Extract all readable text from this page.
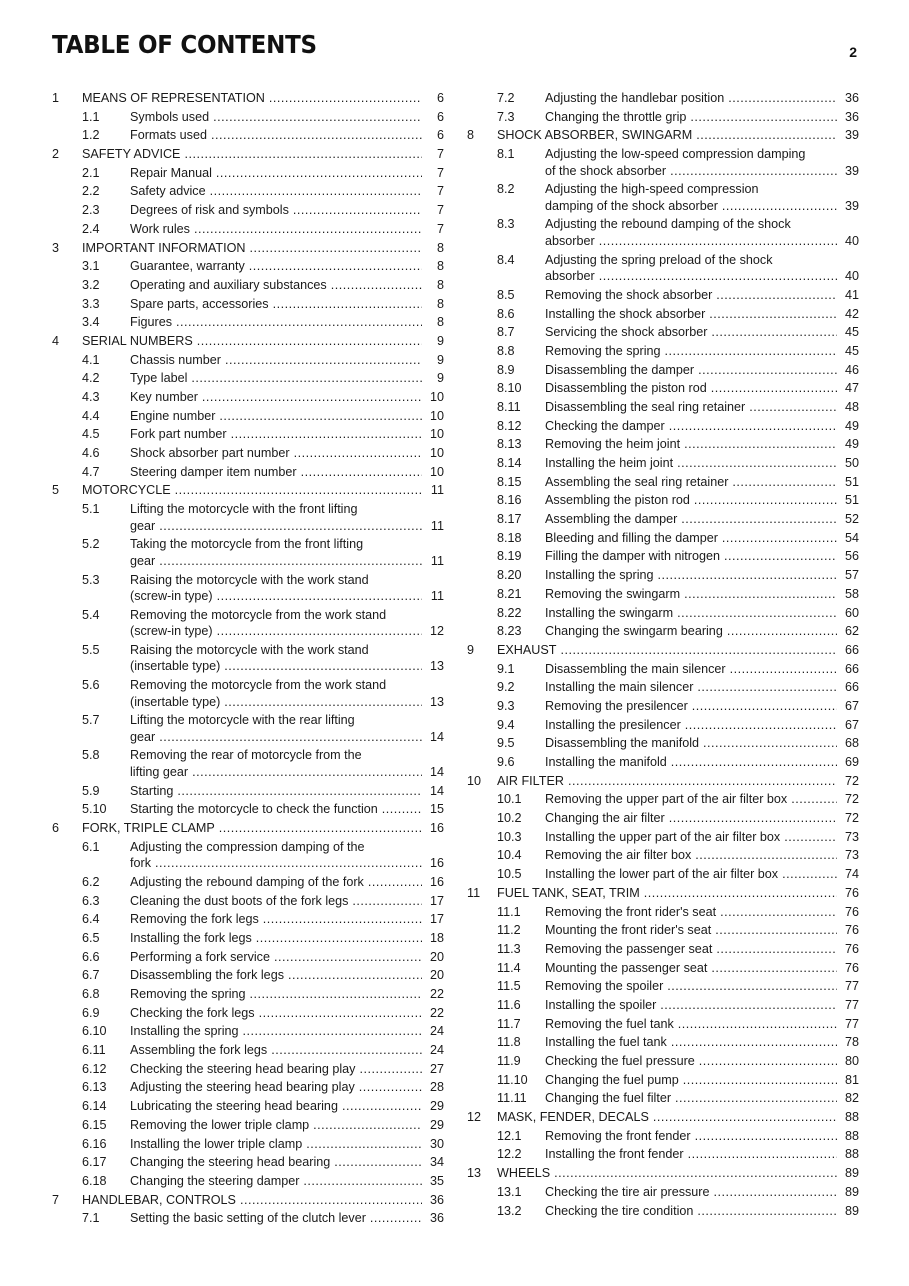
TABLE OF CONTENTS	2
1 MEANS OF REPRESENTATION .....	6
1.1 Symbols used .....	6
1.2 Formats used .....	6
2 SAFETY ADVICE .....	7
2.1 Repair Manual .....	7
2.2 Safety advice .....	7
2.3 Degrees of risk and symbols .....	7
2.4 Work rules .....	7
3 IMPORTANT INFORMATION .....	8
3.1 Guarantee, warranty .....	8
3.2 Operating and auxiliary substances .....	8
3.3 Spare parts, accessories .....	8
3.4 Figures .....	8
4 SERIAL NUMBERS .....	9
4.1 Chassis number .....	9
4.2 Type label .....	9
4.3 Key number .....	10
4.4 Engine number .....	10
4.5 Fork part number .....	10
4.6 Shock absorber part number .....	10
4.7 Steering damper item number .....	10
5 MOTORCYCLE .....	11
5.1 Lifting the motorcycle with the front lifting
gear .....	11
5.2 Taking the motorcycle from the front lifting
gear .....	11
5.3 Raising the motorcycle with the work stand
(screw-in type) .....	11
5.4 Removing the motorcycle from the work stand
(screw-in type) .....	12
5.5 Raising the motorcycle with the work stand
(insertable type) .....	13
5.6 Removing the motorcycle from the work stand
(insertable type) .....	13
5.7 Lifting the motorcycle with the rear lifting
gear .....	14
5.8 Removing the rear of motorcycle from the
lifting gear .....	14
5.9 Starting .....	14
5.10 Starting the motorcycle to check the function .....	15
6 FORK, TRIPLE CLAMP .....	16
6.1 Adjusting the compression damping of the
fork .....	16
6.2 Adjusting the rebound damping of the fork .....	16
6.3 Cleaning the dust boots of the fork legs .....	17
6.4 Removing the fork legs .....	17
6.5 Installing the fork legs .....	18
6.6 Performing a fork service .....	20
6.7 Disassembling the fork legs .....	20
6.8 Removing the spring .....	22
6.9 Checking the fork legs .....	22
6.10 Installing the spring .....	24
6.11 Assembling the fork legs .....	24
6.12 Checking the steering head bearing play .....	27
6.13 Adjusting the steering head bearing play .....	28
6.14 Lubricating the steering head bearing .....	29
6.15 Removing the lower triple clamp .....	29
6.16 Installing the lower triple clamp .....	30
6.17 Changing the steering head bearing .....	34
6.18 Changing the steering damper .....	35
7 HANDLEBAR, CONTROLS .....	36
7.1 Setting the basic setting of the clutch lever .....	36
7.2 Adjusting the handlebar position .....	36
7.3 Changing the throttle grip .....	36
8 SHOCK ABSORBER, SWINGARM .....	39
8.1 Adjusting the low-speed compression damping
of the shock absorber .....	39
8.2 Adjusting the high-speed compression
damping of the shock absorber .....	39
8.3 Adjusting the rebound damping of the shock
absorber .....	40
8.4 Adjusting the spring preload of the shock
absorber .....	40
8.5 Removing the shock absorber .....	41
8.6 Installing the shock absorber .....	42
8.7 Servicing the shock absorber .....	45
8.8 Removing the spring .....	45
8.9 Disassembling the damper .....	46
8.10 Disassembling the piston rod .....	47
8.11 Disassembling the seal ring retainer .....	48
8.12 Checking the damper .....	49
8.13 Removing the heim joint .....	49
8.14 Installing the heim joint .....	50
8.15 Assembling the seal ring retainer .....	51
8.16 Assembling the piston rod .....	51
8.17 Assembling the damper .....	52
8.18 Bleeding and filling the damper .....	54
8.19 Filling the damper with nitrogen .....	56
8.20 Installing the spring .....	57
8.21 Removing the swingarm .....	58
8.22 Installing the swingarm .....	60
8.23 Changing the swingarm bearing .....	62
9 EXHAUST .....	66
9.1 Disassembling the main silencer .....	66
9.2 Installing the main silencer .....	66
9.3 Removing the presilencer .....	67
9.4 Installing the presilencer .....	67
9.5 Disassembling the manifold .....	68
9.6 Installing the manifold .....	69
10 AIR FILTER .....	72
10.1 Removing the upper part of the air filter box .....	72
10.2 Changing the air filter .....	72
10.3 Installing the upper part of the air filter box .....	73
10.4 Removing the air filter box .....	73
10.5 Installing the lower part of the air filter box .....	74
11 FUEL TANK, SEAT, TRIM .....	76
11.1 Removing the front rider's seat .....	76
11.2 Mounting the front rider's seat .....	76
11.3 Removing the passenger seat .....	76
11.4 Mounting the passenger seat .....	76
11.5 Removing the spoiler .....	77
11.6 Installing the spoiler .....	77
11.7 Removing the fuel tank .....	77
11.8 Installing the fuel tank .....	78
11.9 Checking the fuel pressure .....	80
11.10 Changing the fuel pump .....	81
11.11 Changing the fuel filter .....	82
12 MASK, FENDER, DECALS .....	88
12.1 Removing the front fender .....	88
12.2 Installing the front fender .....	88
13 WHEELS .....	89
13.1 Checking the tire air pressure .....	89
13.2 Checking the tire condition .....	89
